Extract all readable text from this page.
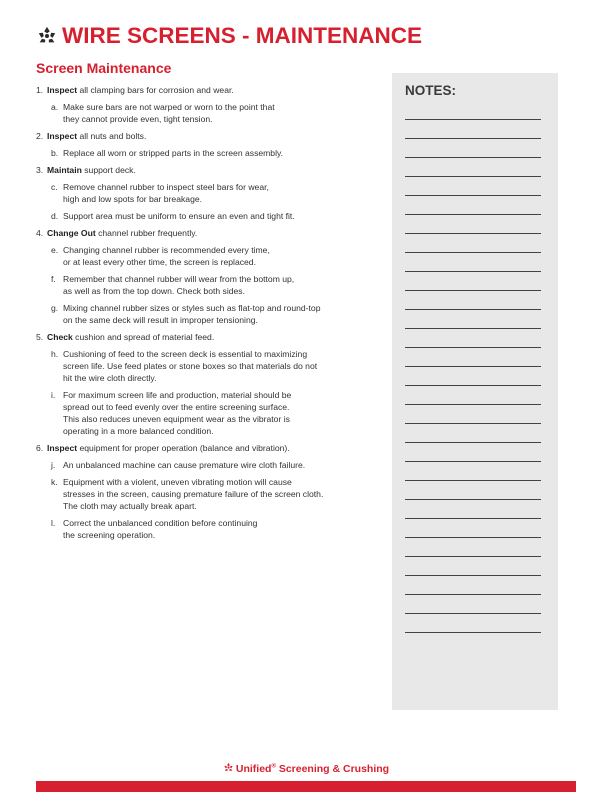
WIRE SCREENS - MAINTENANCE
Screen Maintenance
1. Inspect all clamping bars for corrosion and wear.
a. Make sure bars are not warped or worn to the point that
they cannot provide even, tight tension.
2. Inspect all nuts and bolts.
b. Replace all worn or stripped parts in the screen assembly.
3. Maintain support deck.
c. Remove channel rubber to inspect steel bars for wear,
high and low spots for bar breakage.
d. Support area must be uniform to ensure an even and tight fit.
4. Change Out channel rubber frequently.
e. Changing channel rubber is recommended every time,
or at least every other time, the screen is replaced.
f. Remember that channel rubber will wear from the bottom up,
as well as from the top down. Check both sides.
g. Mixing channel rubber sizes or styles such as flat-top and round-top
on the same deck will result in improper tensioning.
5. Check cushion and spread of material feed.
h. Cushioning of feed to the screen deck is essential to maximizing
screen life. Use feed plates or stone boxes so that materials do not
hit the wire cloth directly.
i. For maximum screen life and production, material should be
spread out to feed evenly over the entire screening surface.
This also reduces uneven equipment wear as the vibrator is
operating in a more balanced condition.
6. Inspect equipment for proper operation (balance and vibration).
j. An unbalanced machine can cause premature wire cloth failure.
k. Equipment with a violent, uneven vibrating motion will cause
stresses in the screen, causing premature failure of the screen cloth.
The cloth may actually break apart.
l. Correct the unbalanced condition before continuing
the screening operation.
NOTES:
Unified® Screening & Crushing
